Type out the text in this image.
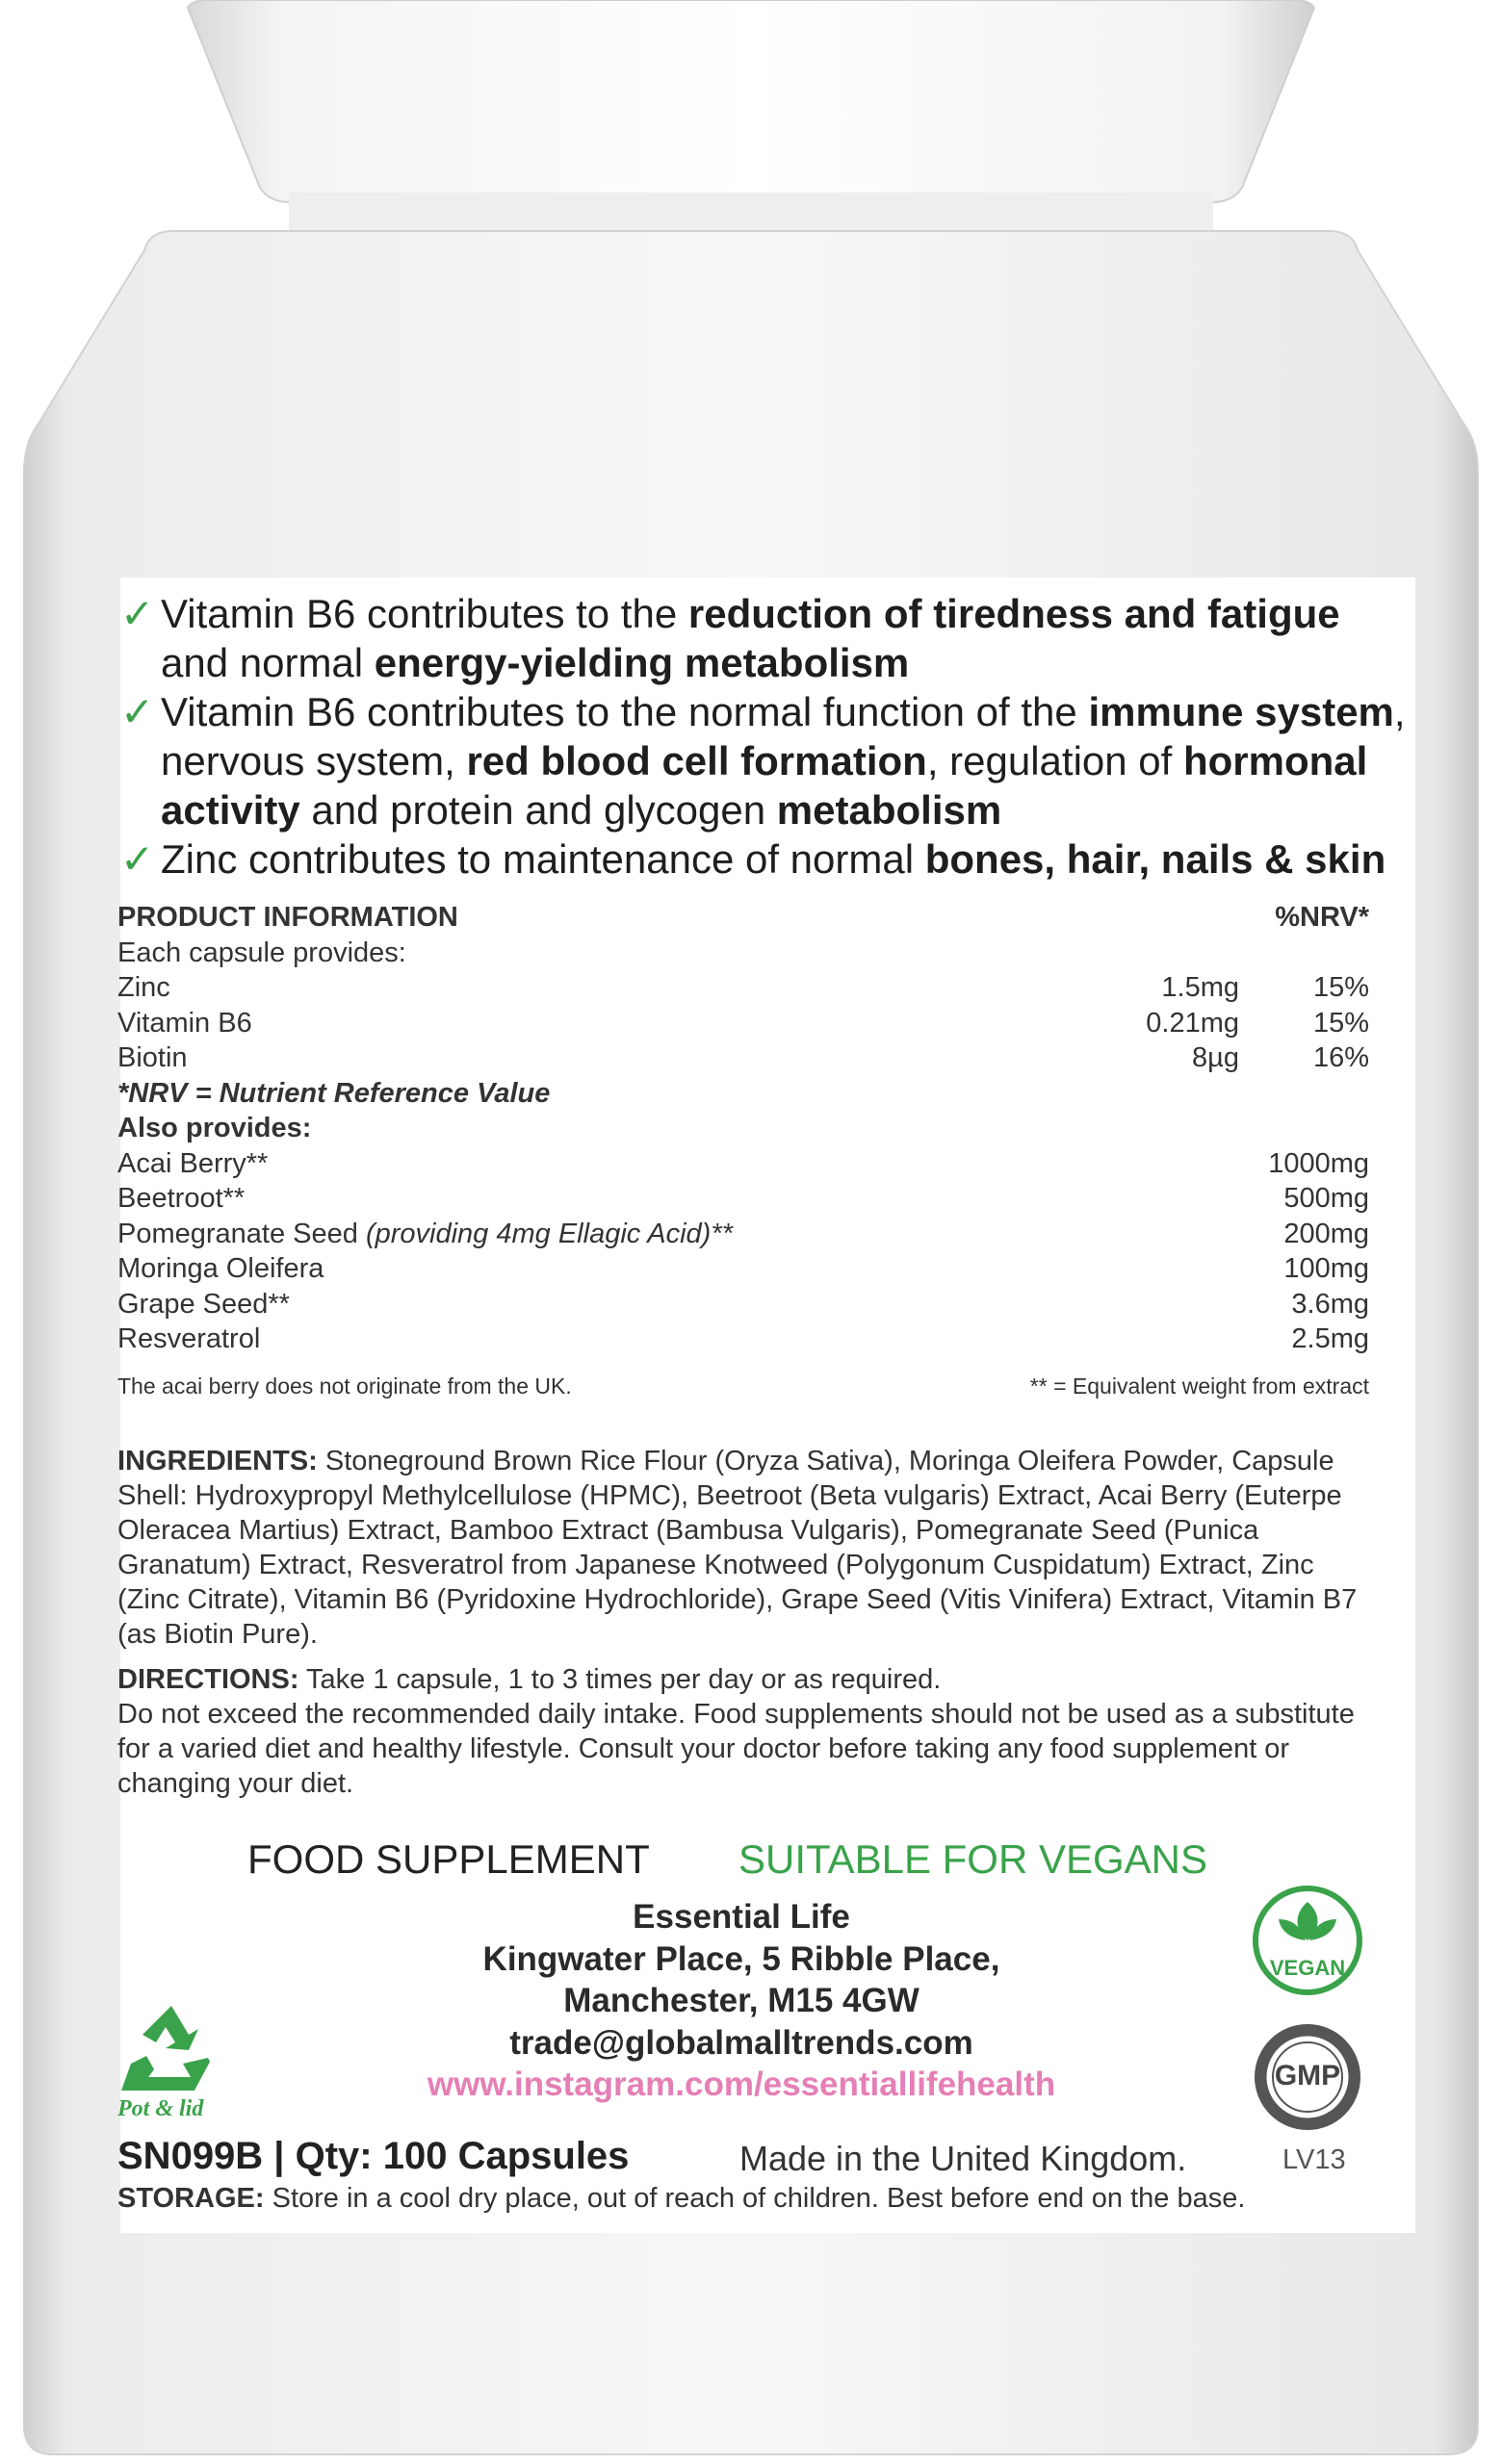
✓ Vitamin B6 contributes to the reduction of tiredness and fatigue and normal energy-yielding metabolism
✓ Vitamin B6 contributes to the normal function of the immune system, nervous system, red blood cell formation, regulation of hormonal activity and protein and glycogen metabolism
✓ Zinc contributes to maintenance of normal bones, hair, nails & skin
PRODUCT INFORMATION	%NRV*
Each capsule provides:
Zinc	1.5mg	15%
Vitamin B6	0.21mg	15%
Biotin	8µg	16%
*NRV = Nutrient Reference Value
Also provides:
Acai Berry**	1000mg
Beetroot**	500mg
Pomegranate Seed (providing 4mg Ellagic Acid)**	200mg
Moringa Oleifera	100mg
Grape Seed**	3.6mg
Resveratrol	2.5mg
The acai berry does not originate from the UK.	** = Equivalent weight from extract
INGREDIENTS: Stoneground Brown Rice Flour (Oryza Sativa), Moringa Oleifera Powder, Capsule Shell: Hydroxypropyl Methylcellulose (HPMC), Beetroot (Beta vulgaris) Extract, Acai Berry (Euterpe Oleracea Martius) Extract, Bamboo Extract (Bambusa Vulgaris), Pomegranate Seed (Punica Granatum) Extract, Resveratrol from Japanese Knotweed (Polygonum Cuspidatum) Extract, Zinc (Zinc Citrate), Vitamin B6 (Pyridoxine Hydrochloride), Grape Seed (Vitis Vinifera) Extract, Vitamin B7 (as Biotin Pure).
DIRECTIONS: Take 1 capsule, 1 to 3 times per day or as required.
Do not exceed the recommended daily intake. Food supplements should not be used as a substitute for a varied diet and healthy lifestyle. Consult your doctor before taking any food supplement or changing your diet.
FOOD SUPPLEMENT SUITABLE FOR VEGANS
Essential Life
Kingwater Place, 5 Ribble Place,
Manchester, M15 4GW
trade@globalmalltrends.com
www.instagram.com/essentiallifehealth
VEGAN
GMP
Pot & lid
SN099B | Qty: 100 Capsules	Made in the United Kingdom.	LV13
STORAGE: Store in a cool dry place, out of reach of children. Best before end on the base.
